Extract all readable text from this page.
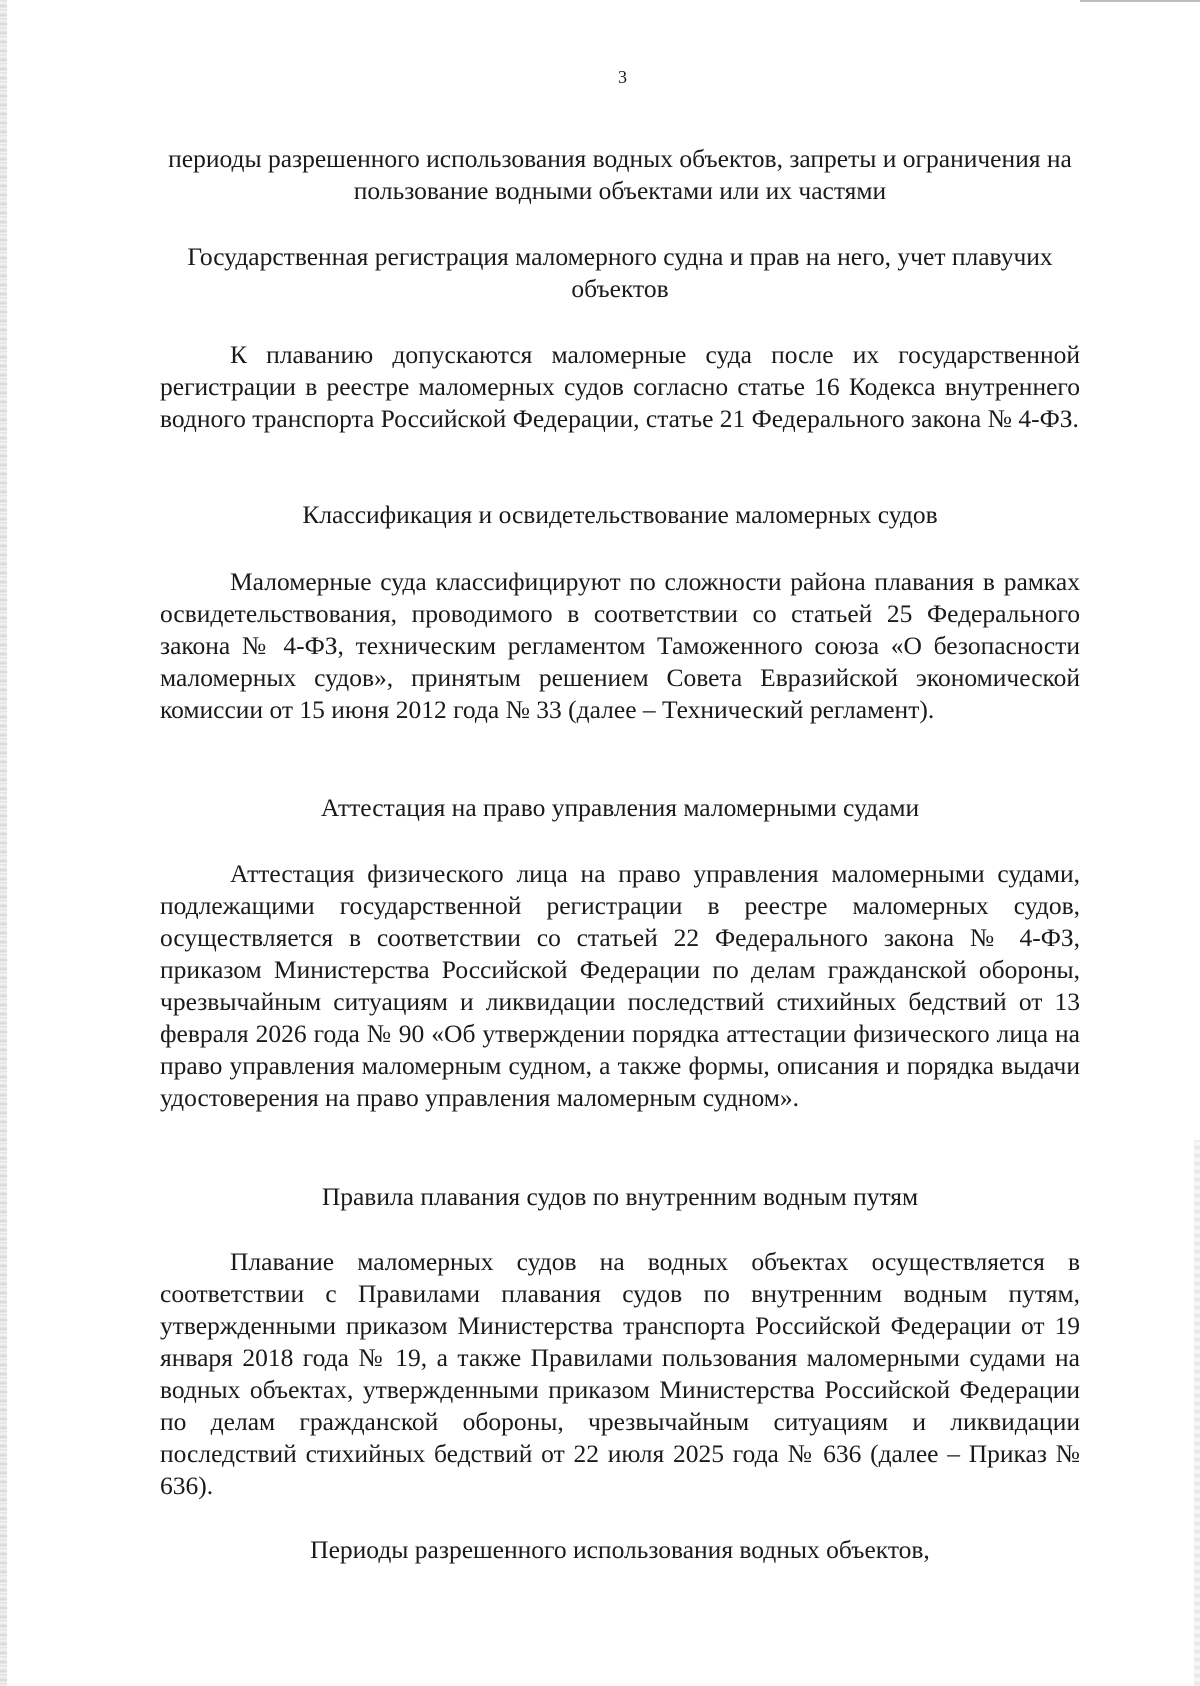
3
периоды разрешенного использования водных объектов, запреты и ограничения на пользование водными объектами или их частями
Государственная регистрация маломерного судна и прав на него, учет плавучих объектов
К плаванию допускаются маломерные суда после их государственной регистрации в реестре маломерных судов согласно статье 16 Кодекса внутреннего водного транспорта Российской Федерации, статье 21 Федерального закона № 4-ФЗ.
Классификация и освидетельствование маломерных судов
Маломерные суда классифицируют по сложности района плавания в рамках освидетельствования, проводимого в соответствии со статьей 25 Федерального закона № 4-ФЗ, техническим регламентом Таможенного союза «О безопасности маломерных судов», принятым решением Совета Евразийской экономической комиссии от 15 июня 2012 года № 33 (далее – Технический регламент).
Аттестация на право управления маломерными судами
Аттестация физического лица на право управления маломерными судами, подлежащими государственной регистрации в реестре маломерных судов, осуществляется в соответствии со статьей 22 Федерального закона № 4-ФЗ, приказом Министерства Российской Федерации по делам гражданской обороны, чрезвычайным ситуациям и ликвидации последствий стихийных бедствий от 13 февраля 2026 года № 90 «Об утверждении порядка аттестации физического лица на право управления маломерным судном, а также формы, описания и порядка выдачи удостоверения на право управления маломерным судном».
Правила плавания судов по внутренним водным путям
Плавание маломерных судов на водных объектах осуществляется в соответствии с Правилами плавания судов по внутренним водным путям, утвержденными приказом Министерства транспорта Российской Федерации от 19 января 2018 года № 19, а также Правилами пользования маломерными судами на водных объектах, утвержденными приказом Министерства Российской Федерации по делам гражданской обороны, чрезвычайным ситуациям и ликвидации последствий стихийных бедствий от 22 июля 2025 года № 636 (далее – Приказ № 636).
Периоды разрешенного использования водных объектов,
